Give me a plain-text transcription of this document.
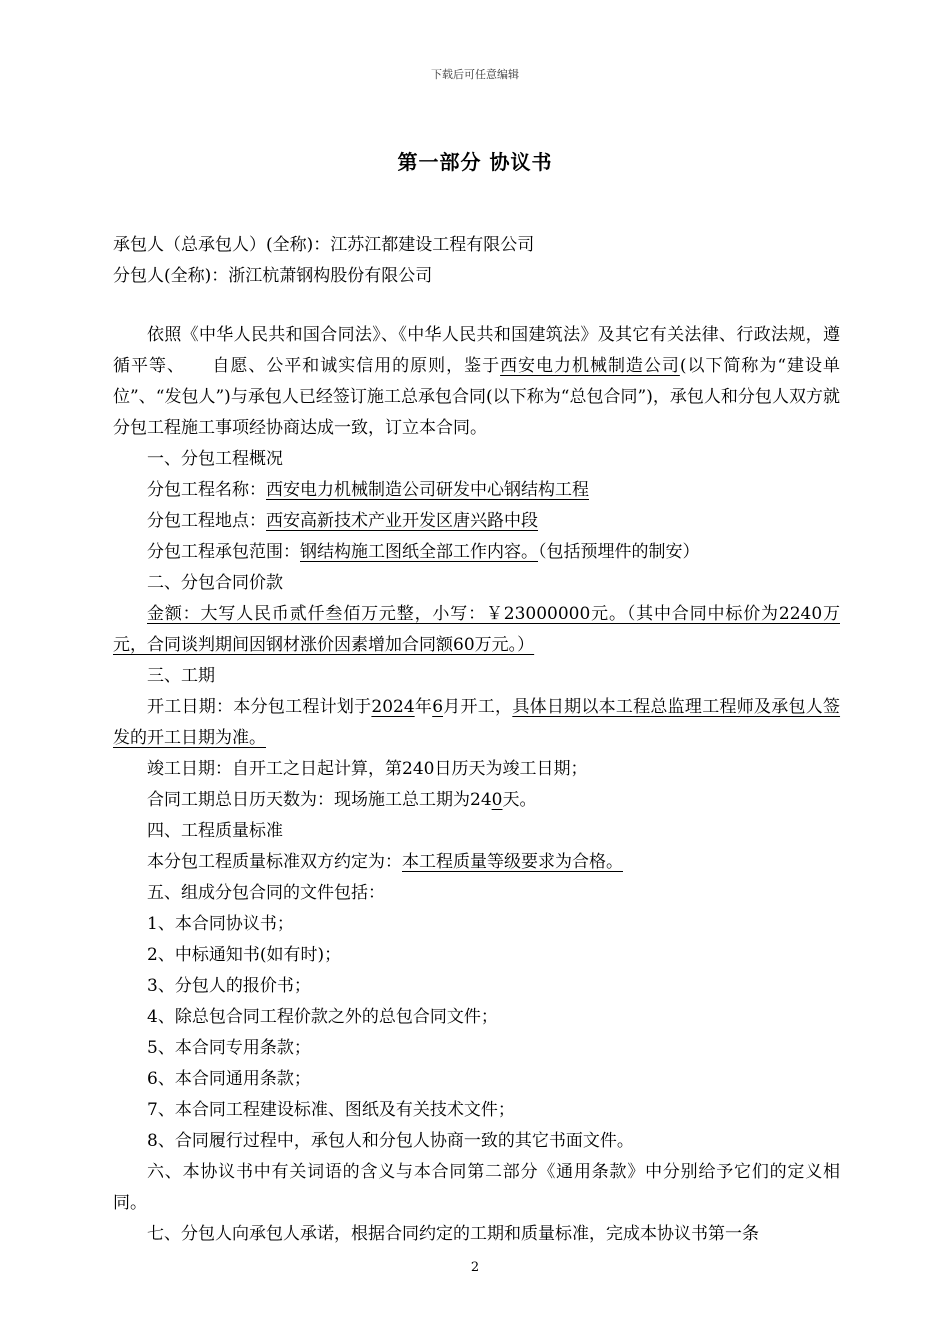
下载后可任意编辑
第一部分 协议书

承包人（总承包人）(全称)：江苏江都建设工程有限公司

分包人(全称)：浙江杭萧钢构股份有限公司

依照《中华人民共和国合同法》、《中华人民共和国建筑法》及其它有关法律、行政法规，遵循平等、　　自愿、公平和诚实信用的原则，鉴于西安电力机械制造公司(以下简称为“建设单位”、“发包人”)与承包人已经签订施工总承包合同(以下称为“总包合同”)，承包人和分包人双方就分包工程施工事项经协商达成一致，订立本合同。

一、分包工程概况

分包工程名称：西安电力机械制造公司研发中心钢结构工程

分包工程地点：西安高新技术产业开发区唐兴路中段

分包工程承包范围：钢结构施工图纸全部工作内容。（包括预埋件的制安）

二、分包合同价款

金额：大写人民币贰仟叁佰万元整，小写：￥23000000元。（其中合同中标价为2240万元，合同谈判期间因钢材涨价因素增加合同额60万元。）

三、工期

开工日期：本分包工程计划于2024年6月开工，具体日期以本工程总监理工程师及承包人签发的开工日期为准。

竣工日期：自开工之日起计算，第240日历天为竣工日期；

合同工期总日历天数为：现场施工总工期为240天。

四、工程质量标准

本分包工程质量标准双方约定为：本工程质量等级要求为合格。

五、组成分包合同的文件包括：

1、本合同协议书；

2、中标通知书(如有时)；

3、分包人的报价书；

4、除总包合同工程价款之外的总包合同文件；

5、本合同专用条款；

6、本合同通用条款；

7、本合同工程建设标准、图纸及有关技术文件；

8、合同履行过程中，承包人和分包人协商一致的其它书面文件。

六、本协议书中有关词语的含义与本合同第二部分《通用条款》中分别给予它们的定义相同。

七、分包人向承包人承诺，根据合同约定的工期和质量标准，完成本协议书第一条

2
